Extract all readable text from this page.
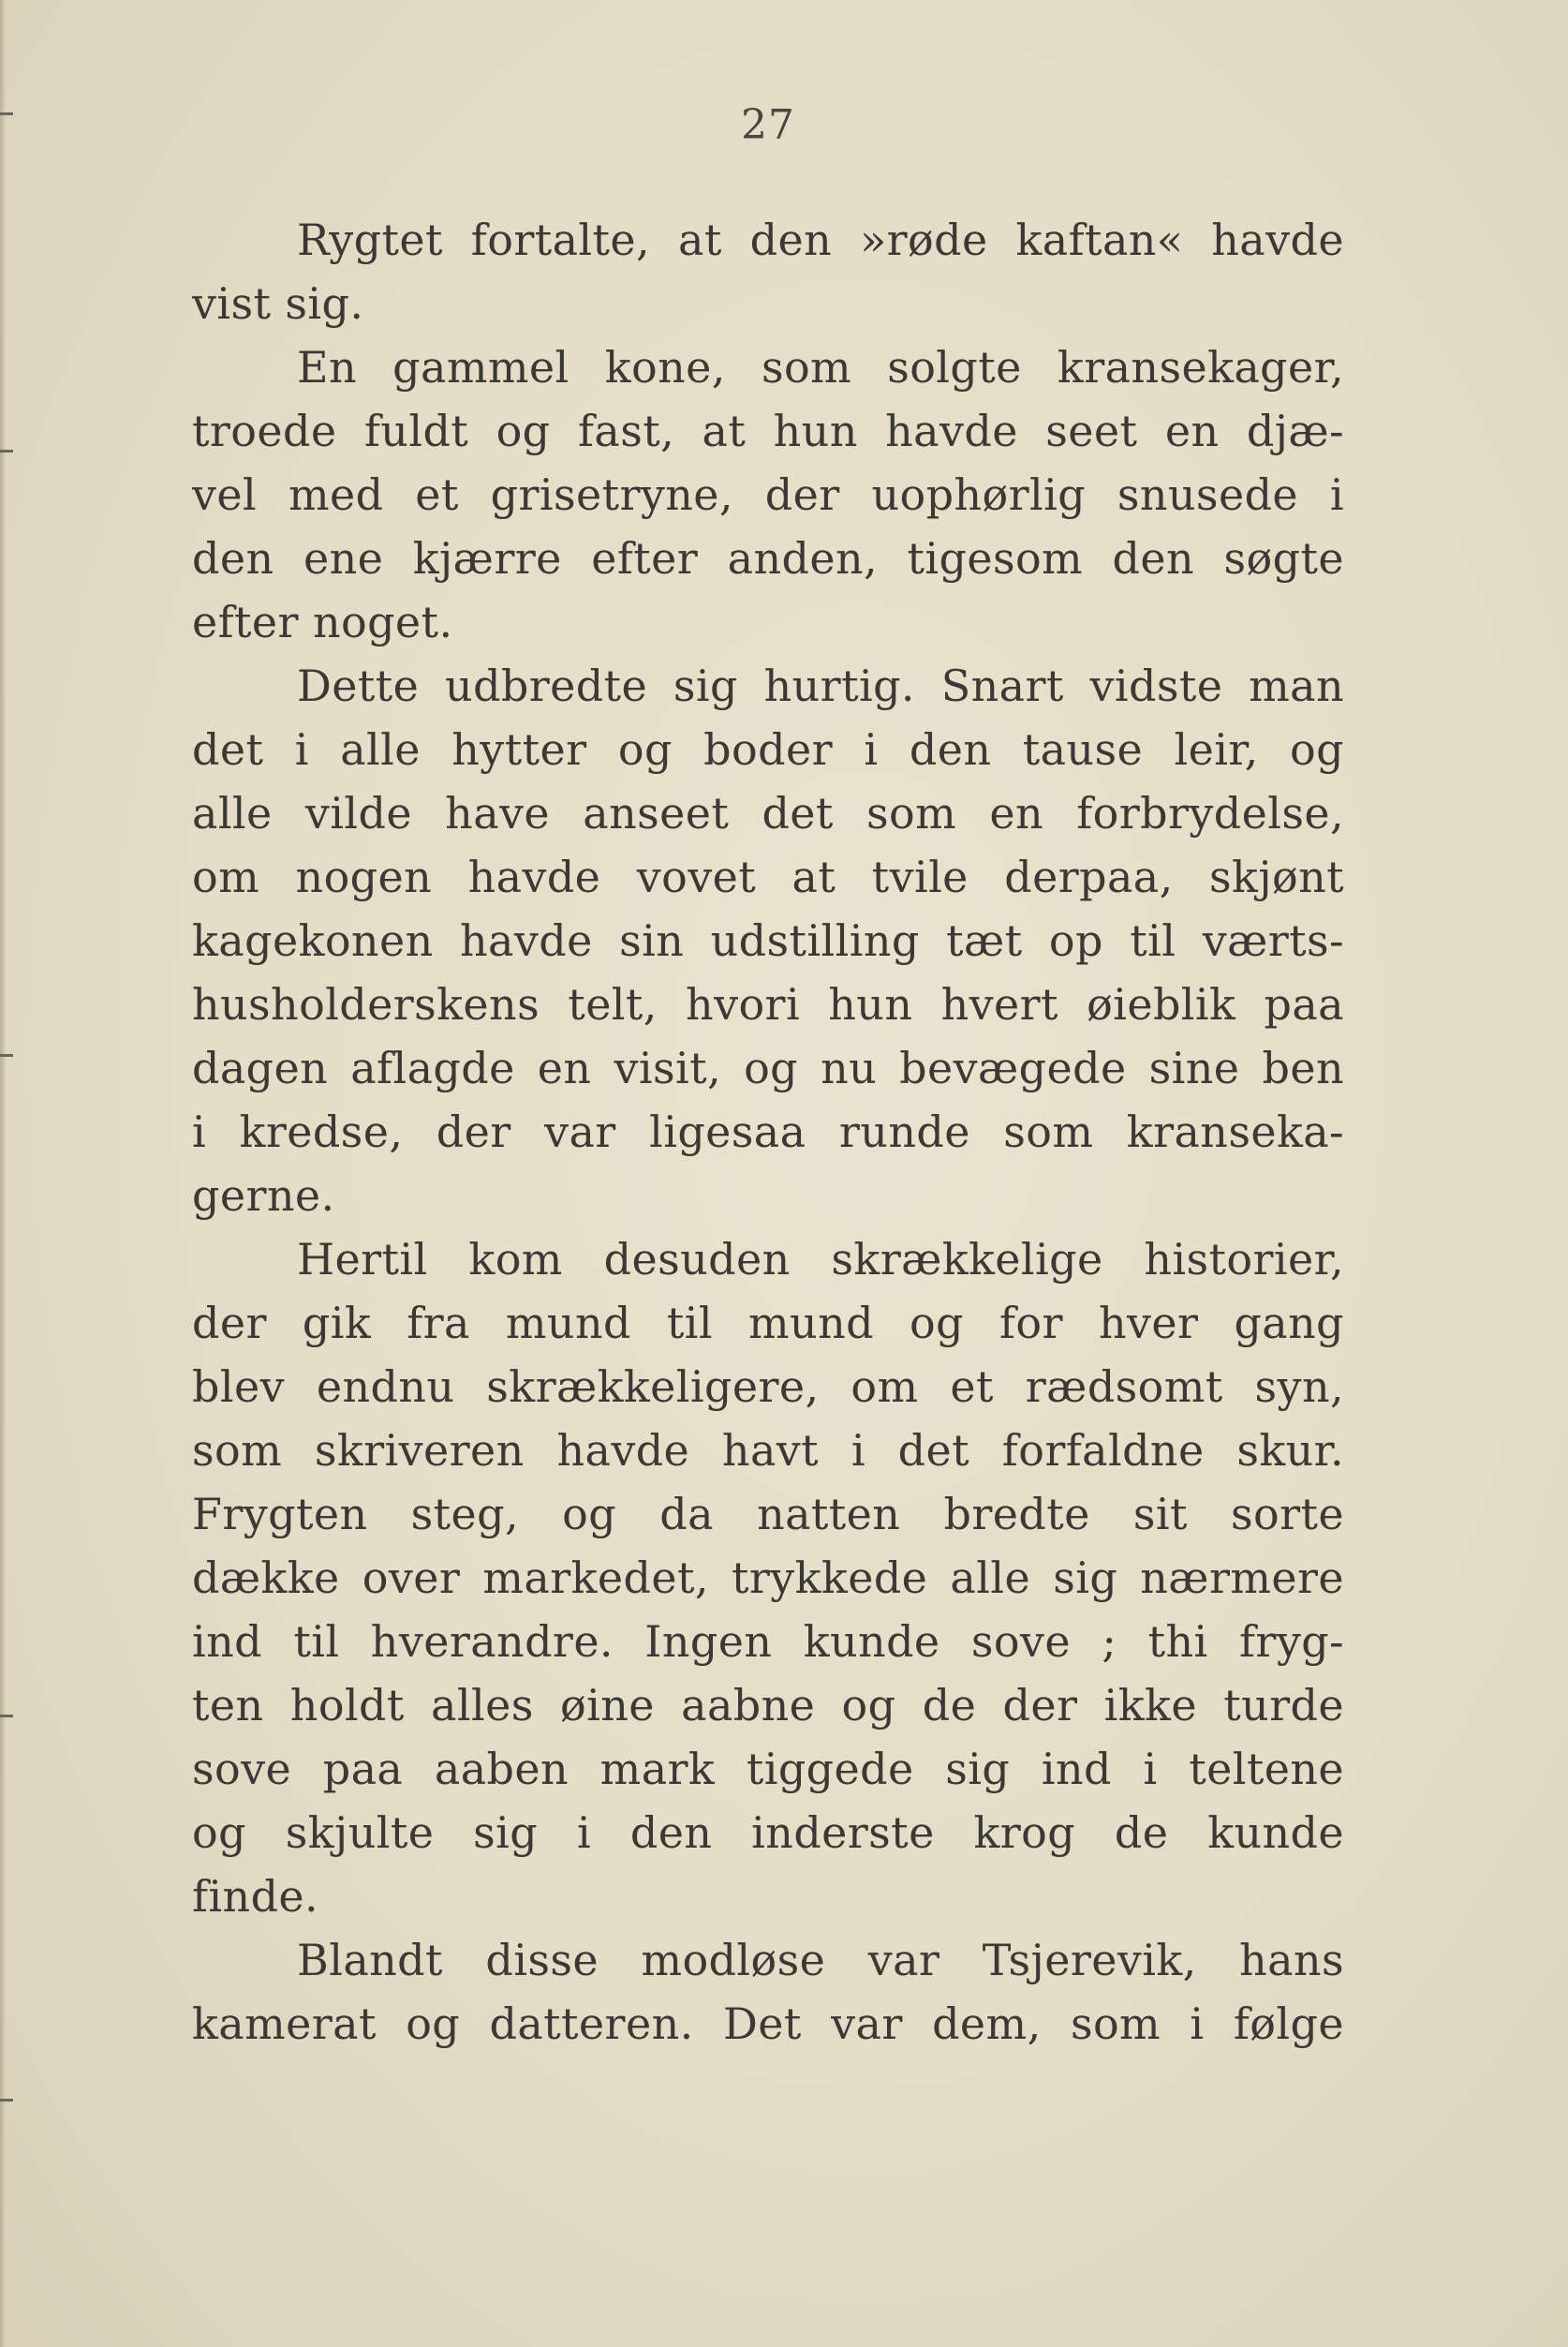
27
Rygtet fortalte, at den »røde kaftan« havde
vist sig.
En gammel kone, som solgte kransekager,
troede fuldt og fast, at hun havde seet en djæ-
vel med et grisetryne, der uophørlig snusede i
den ene kjærre efter anden, tigesom den søgte
efter noget.
Dette udbredte sig hurtig. Snart vidste man
det i alle hytter og boder i den tause leir, og
alle vilde have anseet det som en forbrydelse,
om nogen havde vovet at tvile derpaa, skjønt
kagekonen havde sin udstilling tæt op til værts-
husholderskens telt, hvori hun hvert øieblik paa
dagen aflagde en visit, og nu bevægede sine ben
i kredse, der var ligesaa runde som kranseka-
gerne.
Hertil kom desuden skrækkelige historier,
der gik fra mund til mund og for hver gang
blev endnu skrækkeligere, om et rædsomt syn,
som skriveren havde havt i det forfaldne skur.
Frygten steg, og da natten bredte sit sorte
dække over markedet, trykkede alle sig nærmere
ind til hverandre. Ingen kunde sove ; thi fryg-
ten holdt alles øine aabne og de der ikke turde
sove paa aaben mark tiggede sig ind i teltene
og skjulte sig i den inderste krog de kunde
finde.
Blandt disse modløse var Tsjerevik, hans
kamerat og datteren. Det var dem, som i følge
